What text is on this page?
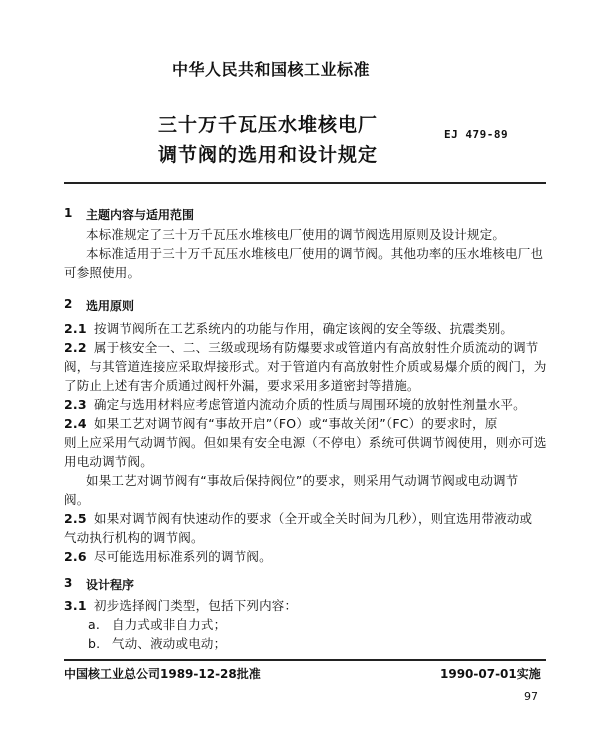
中华人民共和国核工业标准
三十万千瓦压水堆核电厂
调节阀的选用和设计规定
EJ 479-89
1 主题内容与适用范围
本标准规定了三十万千瓦压水堆核电厂使用的调节阀选用原则及设计规定。
本标准适用于三十万千瓦压水堆核电厂使用的调节阀。其他功率的压水堆核电厂也
可参照使用。
2 选用原则
2.1 按调节阀所在工艺系统内的功能与作用，确定该阀的安全等级、抗震类别。
2.2 属于核安全一、二、三级或现场有防爆要求或管道内有高放射性介质流动的调节
阀，与其管道连接应采取焊接形式。对于管道内有高放射性介质或易爆介质的阀门，为
了防止上述有害介质通过阀杆外漏，要求采用多道密封等措施。
2.3 确定与选用材料应考虑管道内流动介质的性质与周围环境的放射性剂量水平。
2.4 如果工艺对调节阀有“事故开启”（FO）或“事故关闭”（FC）的要求时，原
则上应采用气动调节阀。但如果有安全电源（不停电）系统可供调节阀使用，则亦可选
用电动调节阀。
如果工艺对调节阀有“事故后保持阀位”的要求，则采用气动调节阀或电动调节
阀。
2.5 如果对调节阀有快速动作的要求（全开或全关时间为几秒），则宜选用带液动或
气动执行机构的调节阀。
2.6 尽可能选用标准系列的调节阀。
3 设计程序
3.1 初步选择阀门类型，包括下列内容：
a. 自力式或非自力式；
b. 气动、液动或电动；
中国核工业总公司1989-12-28批准	1990-07-01实施
97
